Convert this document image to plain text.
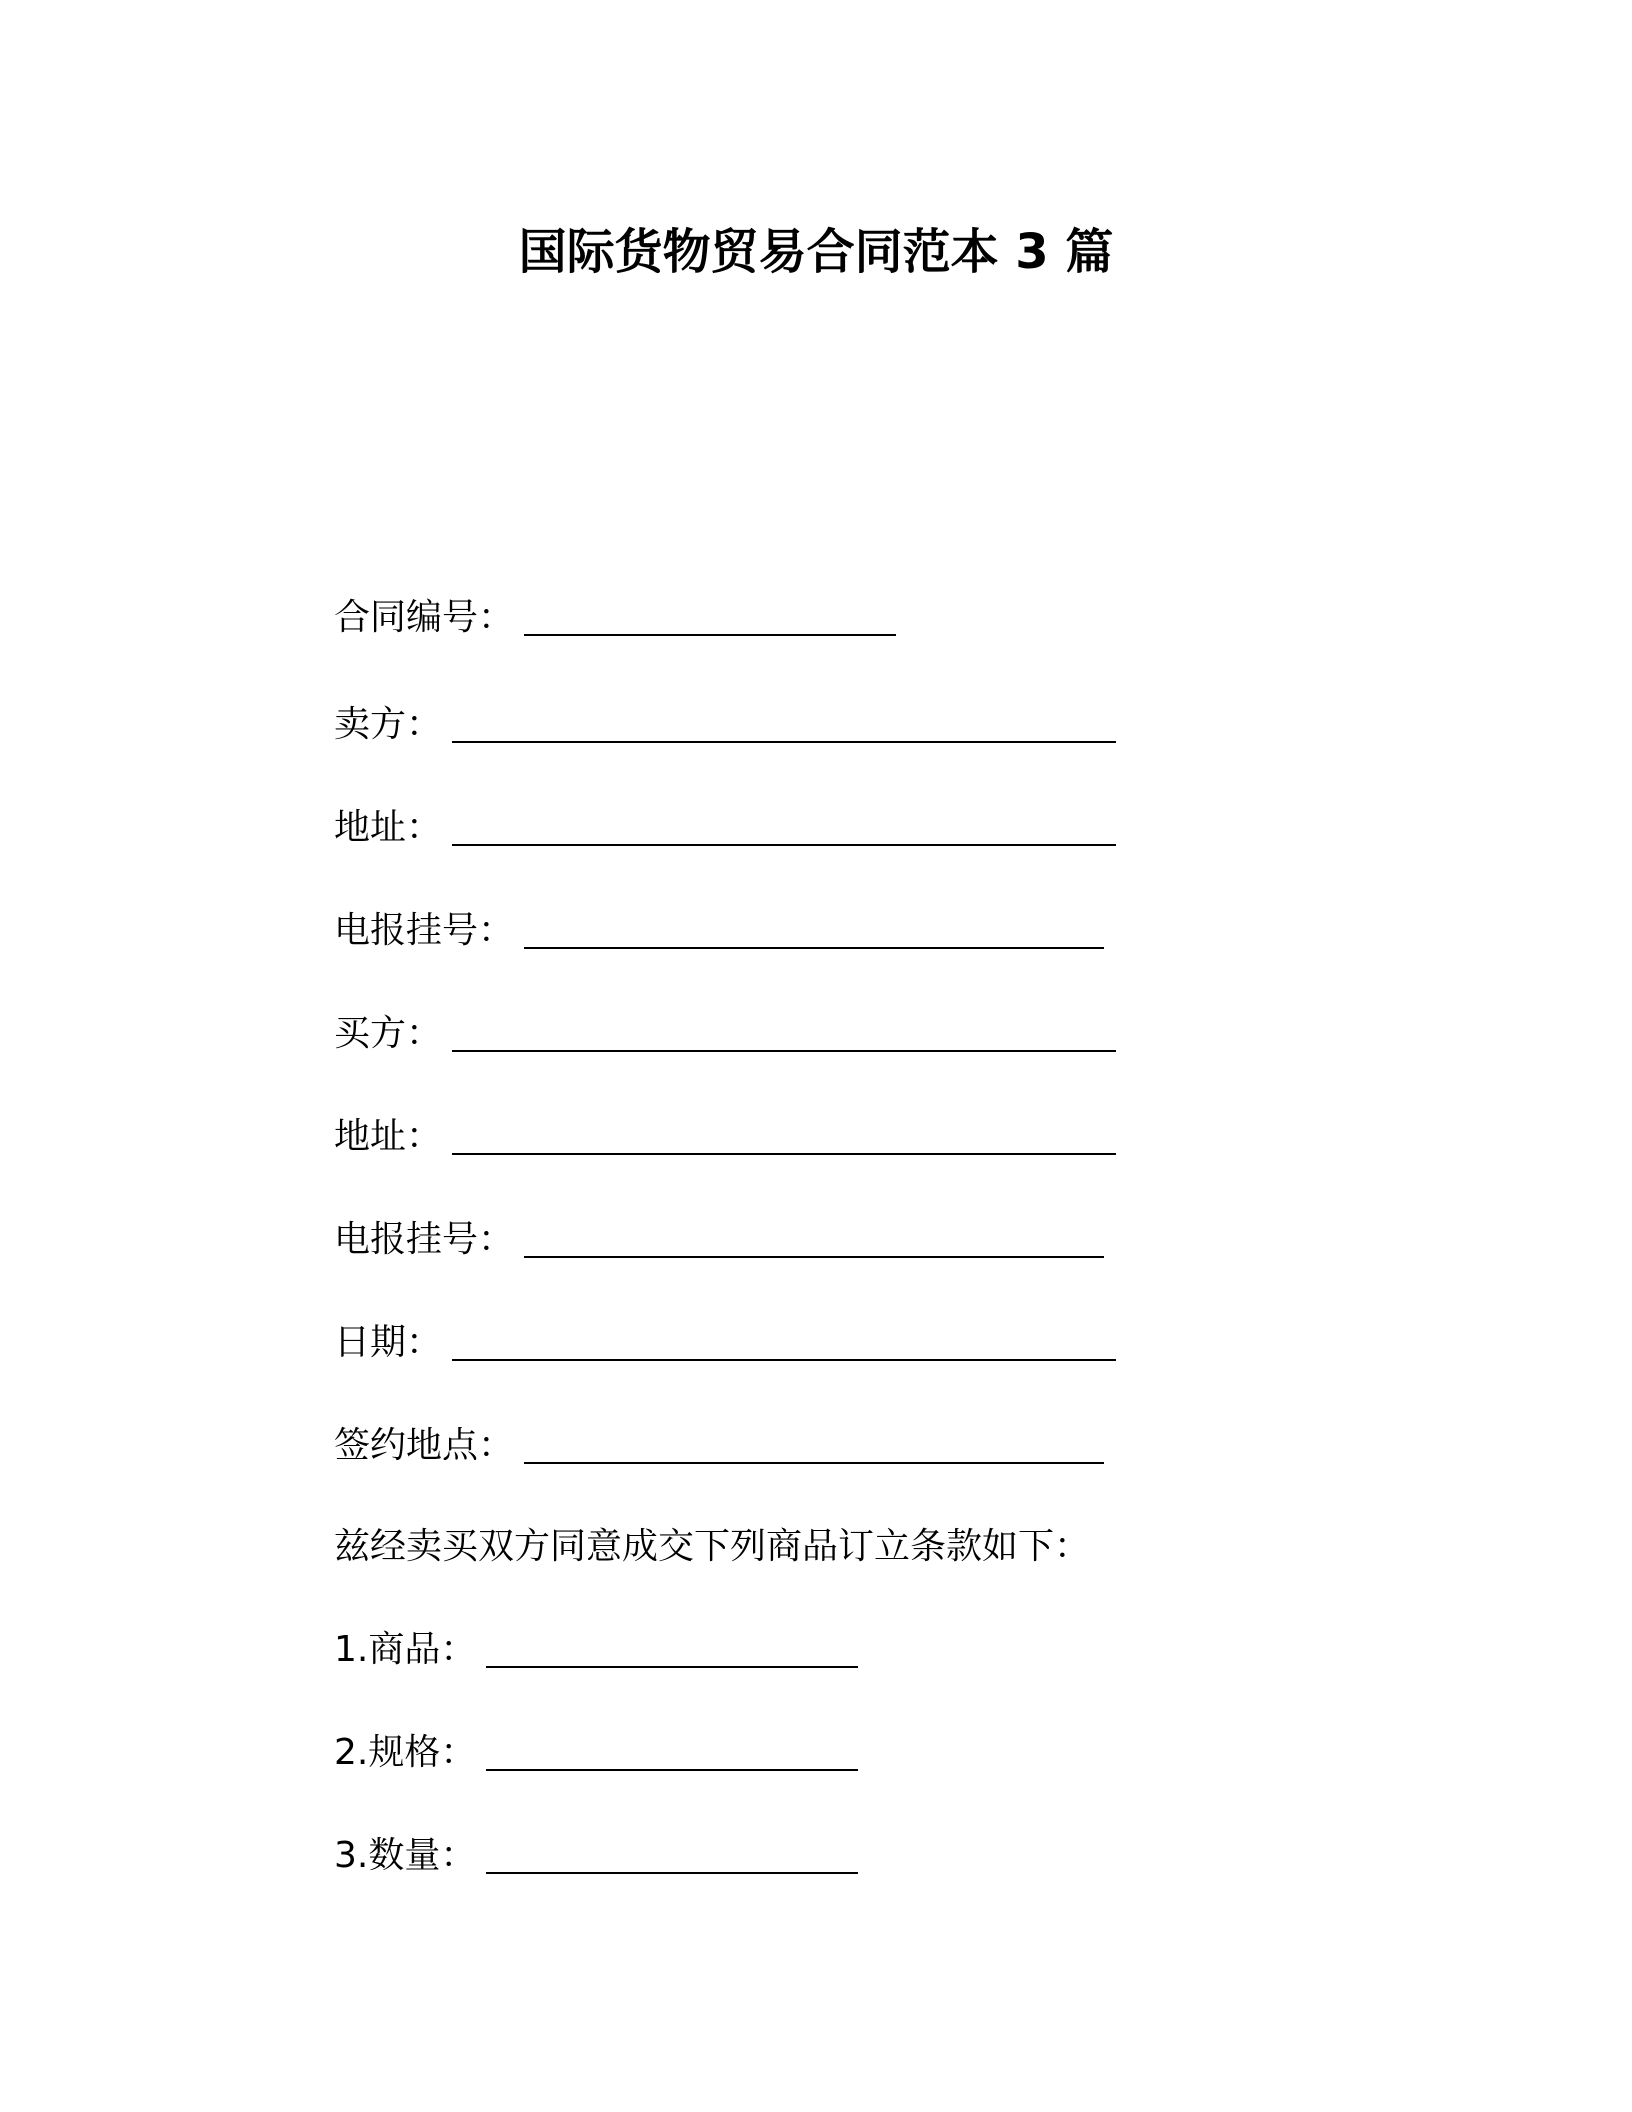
国际货物贸易合同范本 3 篇
合同编号：
卖方：
地址：
电报挂号：
买方：
地址：
电报挂号：
日期：
签约地点：
兹经卖买双方同意成交下列商品订立条款如下：
1.商品：
2.规格：
3.数量：
